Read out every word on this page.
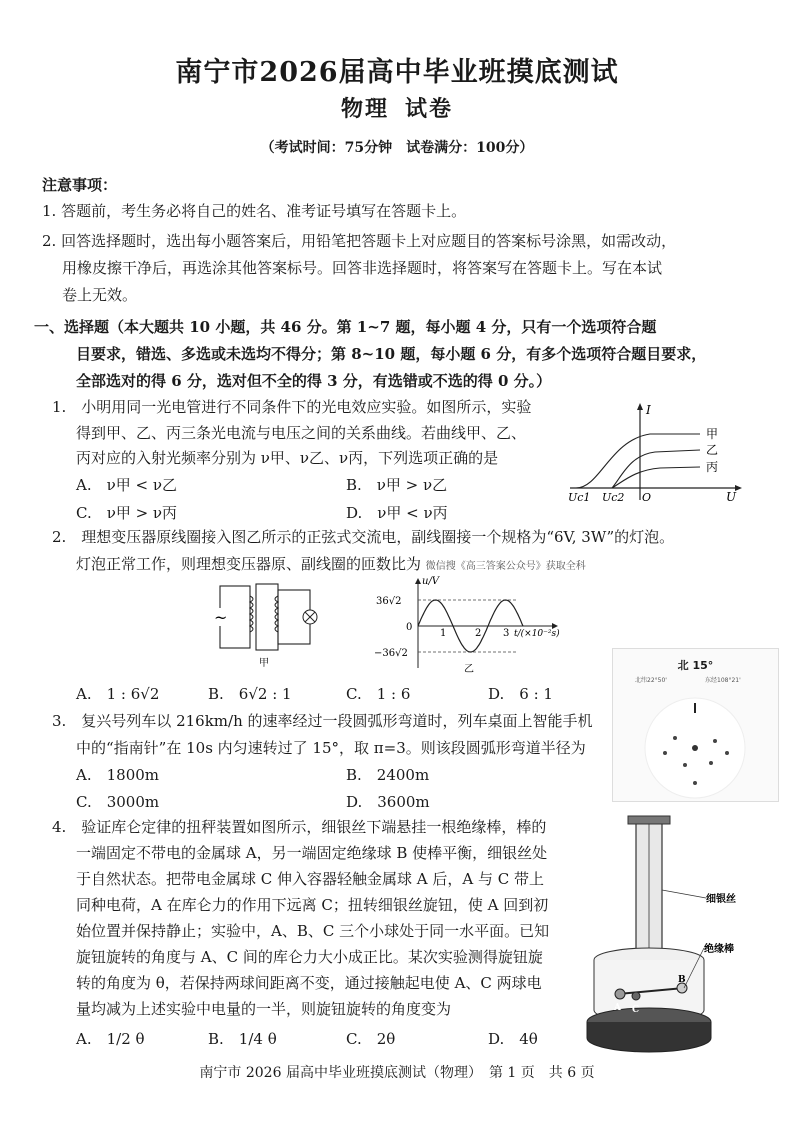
南宁市2026届高中毕业班摸底测试
物理 试卷
（考试时间：75分钟　试卷满分：100分）
注意事项：
1. 答题前，考生务必将自己的姓名、准考证号填写在答题卡上。
2. 回答选择题时，选出每小题答案后，用铅笔把答题卡上对应题目的答案标号涂黑，如需改动，
用橡皮擦干净后，再选涂其他答案标号。回答非选择题时，将答案写在答题卡上。写在本试
卷上无效。
一、选择题（本大题共 10 小题，共 46 分。第 1~7 题，每小题 4 分，只有一个选项符合题
目要求，错选、多选或未选均不得分；第 8~10 题，每小题 6 分，有多个选项符合题目要求，
全部选对的得 6 分，选对但不全的得 3 分，有选错或不选的得 0 分。）
1.　小明用同一光电管进行不同条件下的光电效应实验。如图所示，实验
得到甲、乙、丙三条光电流与电压之间的关系曲线。若曲线甲、乙、
丙对应的入射光频率分别为 ν甲、ν乙、ν丙，下列选项正确的是
A.　ν甲 < ν乙	B.　ν甲 > ν乙
C.　ν甲 > ν丙	D.　ν甲 < ν丙
I
甲
乙
丙
Uc1 Uc2 O	U
2.　理想变压器原线圈接入图乙所示的正弦式交流电，副线圈接一个规格为“6V, 3W”的灯泡。
灯泡正常工作，则理想变压器原、副线圈的匝数比为 微信搜《高三答案公众号》获取全科
~
甲
u/V
36√2
0
−36√2
1	2 3 t/(×10⁻²s)
乙
A.　1 : 6√2	B.　6√2 : 1	C.　1 : 6	D.　6 : 1
北 15°
北纬22°50'	东经108°21'
3.　复兴号列车以 216km/h 的速率经过一段圆弧形弯道时，列车桌面上智能手机
中的“指南针”在 10s 内匀速转过了 15°，取 π=3。则该段圆弧形弯道半径为
A.　1800m	B.　2400m
C.　3000m	D.　3600m
4.　验证库仑定律的扭秤装置如图所示，细银丝下端悬挂一根绝缘棒，棒的
一端固定不带电的金属球 A，另一端固定绝缘球 B 使棒平衡，细银丝处
于自然状态。把带电金属球 C 伸入容器轻触金属球 A 后，A 与 C 带上
同种电荷，A 在库仑力的作用下远离 C；扭转细银丝旋钮，使 A 回到初
始位置并保持静止；实验中，A、B、C 三个小球处于同一水平面。已知
旋钮旋转的角度与 A、C 间的库仑力大小成正比。某次实验测得旋钮旋
转的角度为 θ，若保持两球间距离不变，通过接触起电使 A、C 两球电
量均减为上述实验中电量的一半，则旋钮旋转的角度变为
A.　1/2 θ	B.　1/4 θ	C.　2θ	D.　4θ
细银丝
绝缘棒
A
B
C
南宁市 2026 届高中毕业班摸底测试（物理）　第 1 页　共 6 页
